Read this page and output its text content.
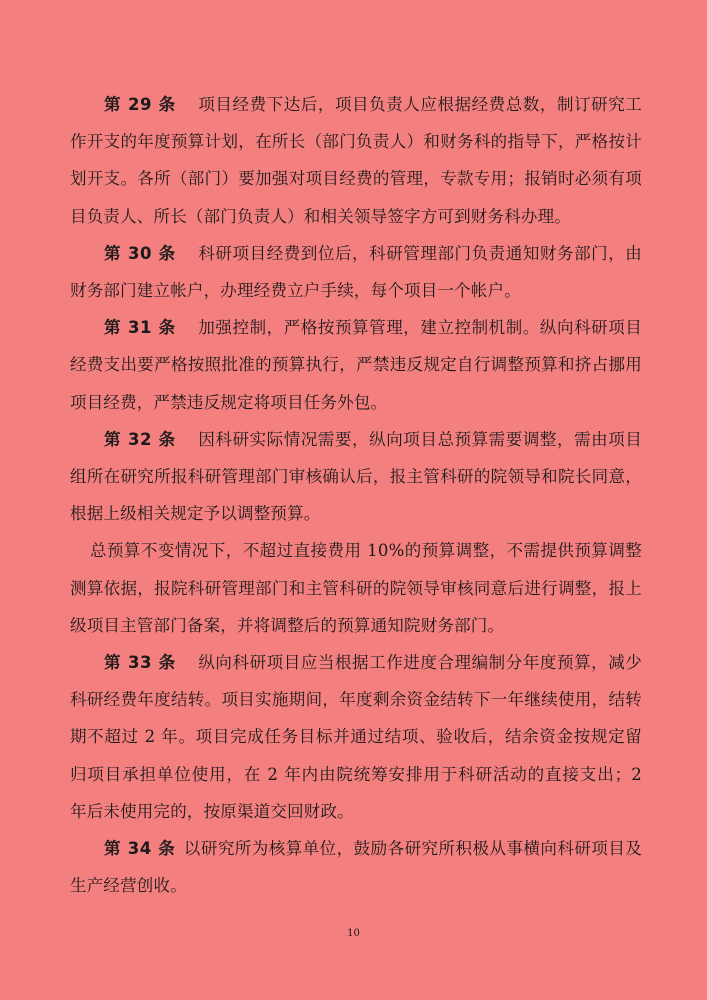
第 29 条 项目经费下达后，项目负责人应根据经费总数，制订研究工作开支的年度预算计划，在所长（部门负责人）和财务科的指导下，严格按计划开支。各所（部门）要加强对项目经费的管理，专款专用；报销时必须有项目负责人、所长（部门负责人）和相关领导签字方可到财务科办理。

第 30 条 科研项目经费到位后，科研管理部门负责通知财务部门，由财务部门建立帐户，办理经费立户手续，每个项目一个帐户。

第 31 条 加强控制，严格按预算管理，建立控制机制。纵向科研项目经费支出要严格按照批准的预算执行，严禁违反规定自行调整预算和挤占挪用项目经费，严禁违反规定将项目任务外包。

第 32 条 因科研实际情况需要，纵向项目总预算需要调整，需由项目组所在研究所报科研管理部门审核确认后，报主管科研的院领导和院长同意，根据上级相关规定予以调整预算。

总预算不变情况下，不超过直接费用 10%的预算调整，不需提供预算调整测算依据，报院科研管理部门和主管科研的院领导审核同意后进行调整，报上级项目主管部门备案，并将调整后的预算通知院财务部门。

第 33 条 纵向科研项目应当根据工作进度合理编制分年度预算，减少科研经费年度结转。项目实施期间，年度剩余资金结转下一年继续使用，结转期不超过 2 年。项目完成任务目标并通过结项、验收后，结余资金按规定留归项目承担单位使用，在 2 年内由院统筹安排用于科研活动的直接支出；2 年后未使用完的，按原渠道交回财政。

第 34 条 以研究所为核算单位，鼓励各研究所积极从事横向科研项目及生产经营创收。

10
